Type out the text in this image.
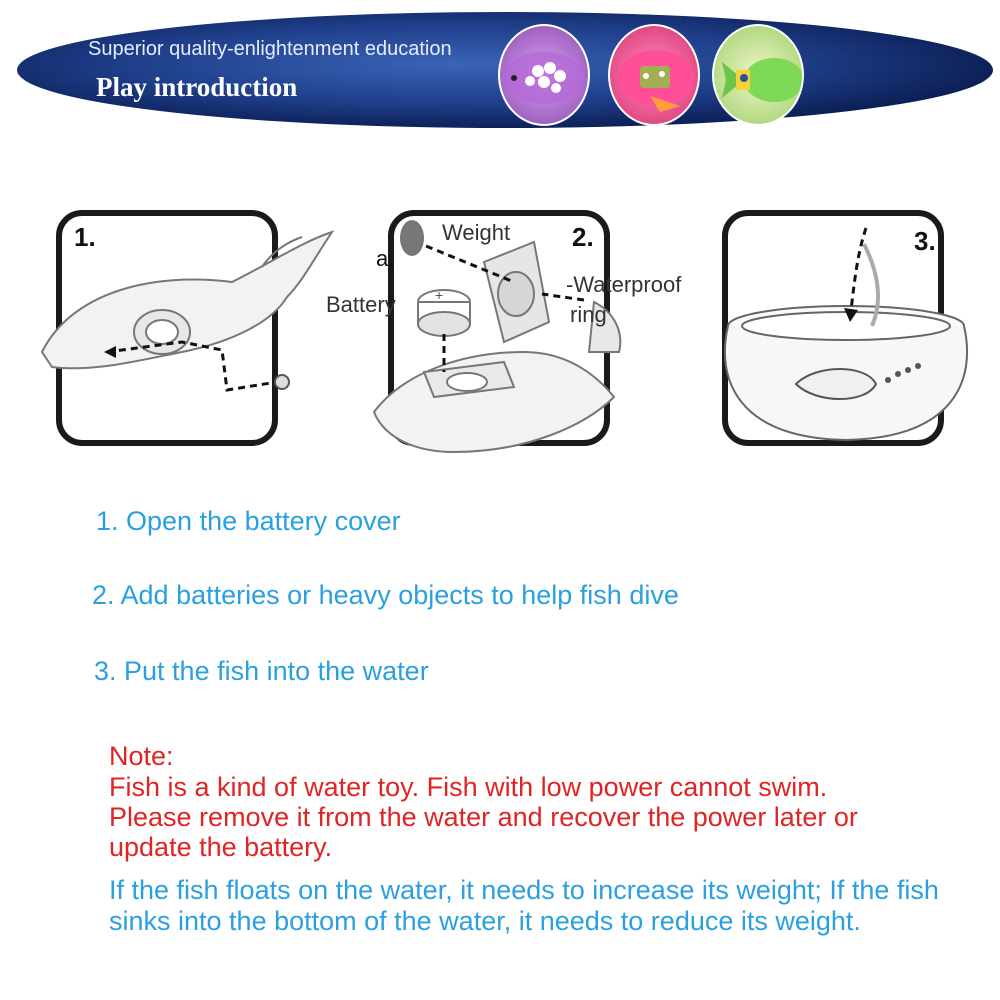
Superior quality-enlightenment education
Play introduction
1.
+
2.
a.
Weight
Battery
-Waterproof
ring
3.
1. Open the battery cover
2. Add batteries or heavy objects to help fish dive
3. Put the fish into the water
Note:
Fish is a kind of water toy. Fish with low power cannot swim.
Please remove it from the water and recover the power later or
update the battery.
If the fish floats on the water, it needs to increase its weight; If the fish sinks into the bottom of the water, it needs to reduce its weight.
